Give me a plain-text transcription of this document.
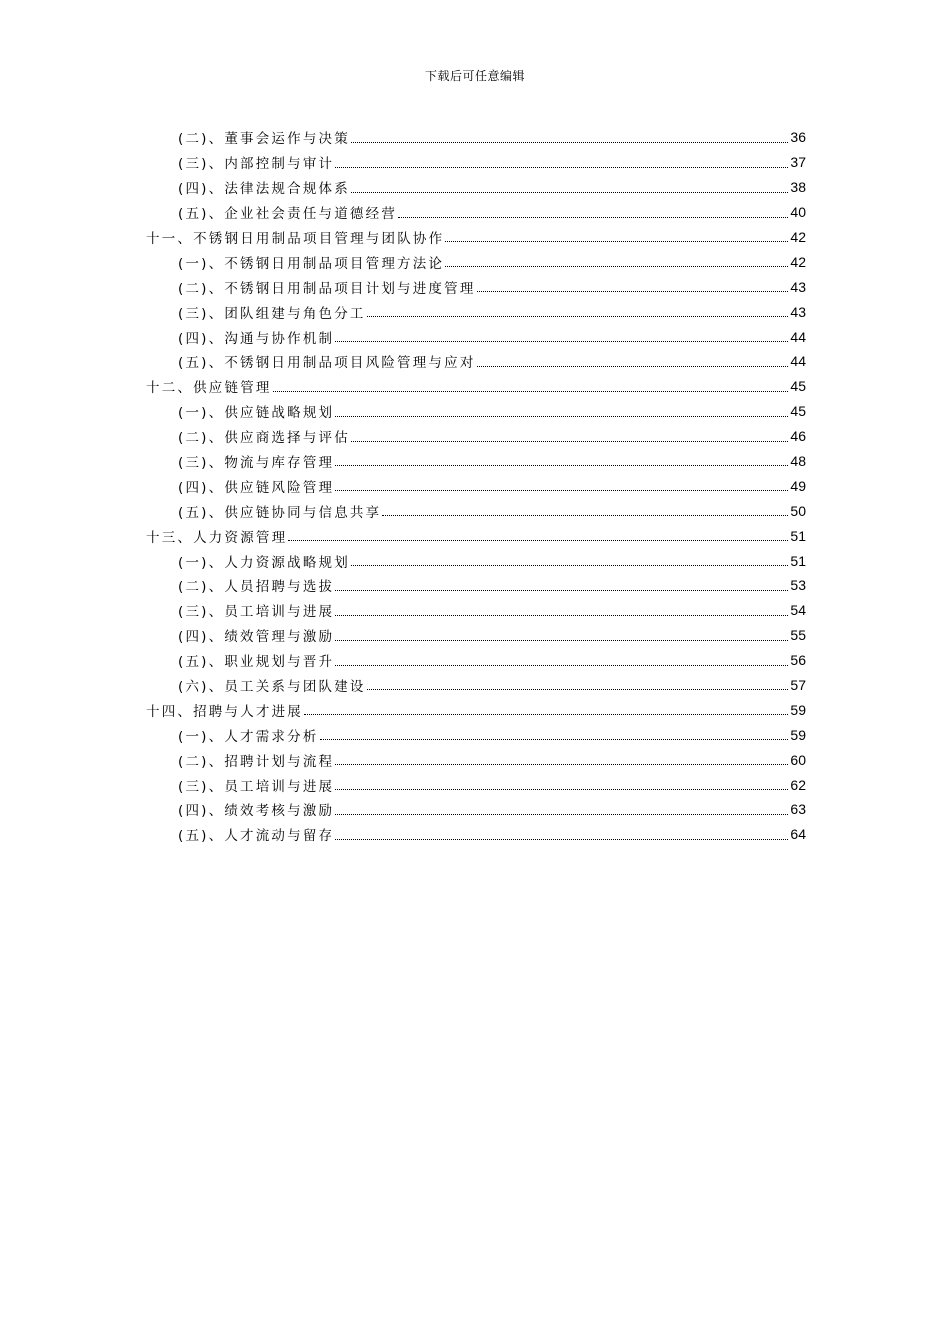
下载后可任意编辑
(二)、董事会运作与决策	36
(三)、内部控制与审计	37
(四)、法律法规合规体系	38
(五)、企业社会责任与道德经营	40
十一、不锈钢日用制品项目管理与团队协作	42
(一)、不锈钢日用制品项目管理方法论	42
(二)、不锈钢日用制品项目计划与进度管理	43
(三)、团队组建与角色分工	43
(四)、沟通与协作机制	44
(五)、不锈钢日用制品项目风险管理与应对	44
十二、供应链管理	45
(一)、供应链战略规划	45
(二)、供应商选择与评估	46
(三)、物流与库存管理	48
(四)、供应链风险管理	49
(五)、供应链协同与信息共享	50
十三、人力资源管理	51
(一)、人力资源战略规划	51
(二)、人员招聘与选拔	53
(三)、员工培训与进展	54
(四)、绩效管理与激励	55
(五)、职业规划与晋升	56
(六)、员工关系与团队建设	57
十四、招聘与人才进展	59
(一)、人才需求分析	59
(二)、招聘计划与流程	60
(三)、员工培训与进展	62
(四)、绩效考核与激励	63
(五)、人才流动与留存	64
